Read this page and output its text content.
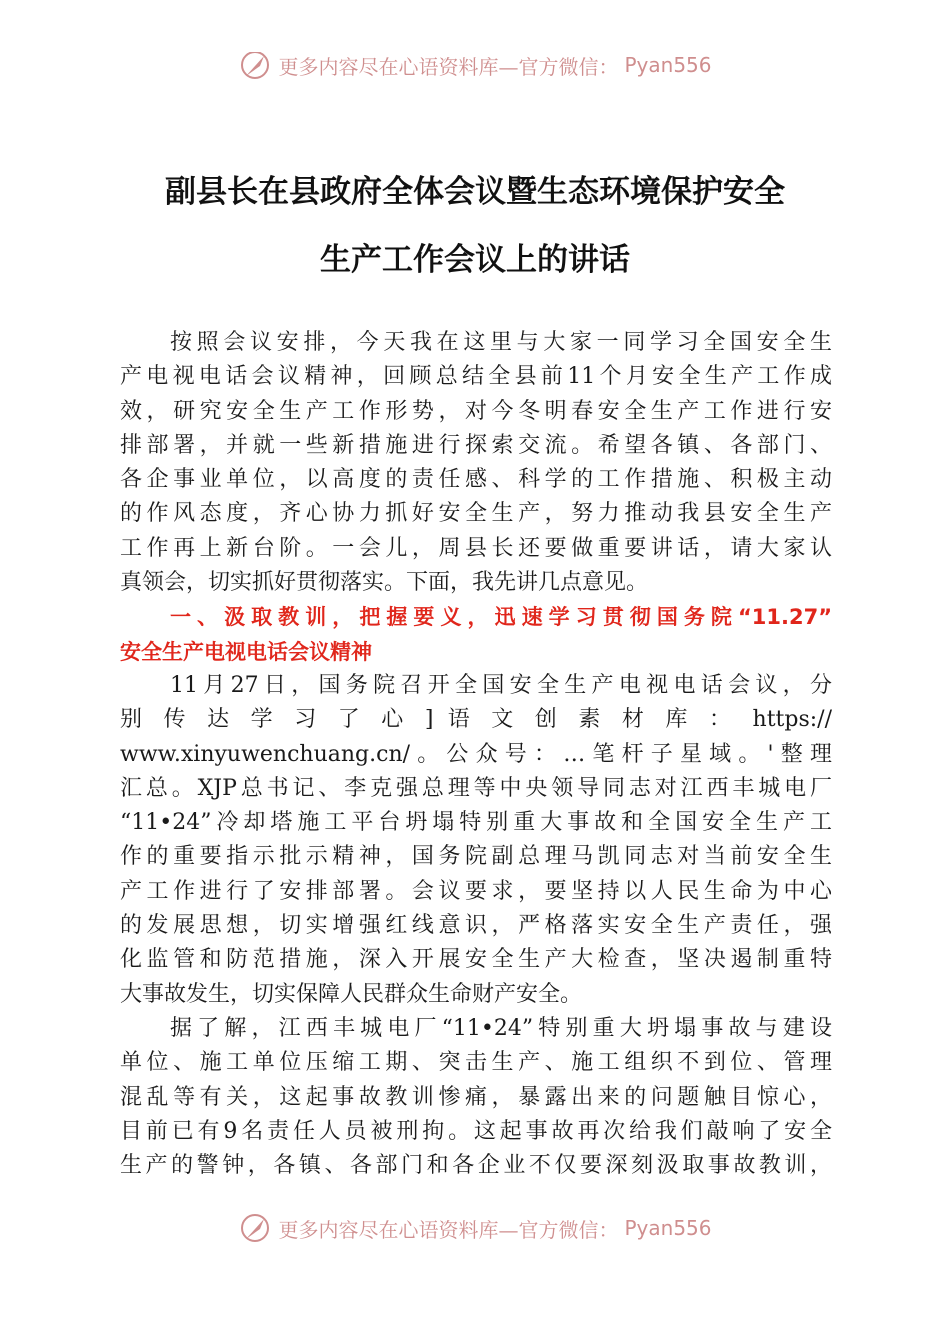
更多内容尽在心语资料库—官方微信： Pyan556
副县长在县政府全体会议暨生态环境保护安全
生产工作会议上的讲话
按照会议安排，今天我在这里与大家一同学习全国安全生
产电视电话会议精神，回顾总结全县前11个月安全生产工作成
效，研究安全生产工作形势，对今冬明春安全生产工作进行安
排部署，并就一些新措施进行探索交流。希望各镇、各部门、
各企事业单位，以高度的责任感、科学的工作措施、积极主动
的作风态度，齐心协力抓好安全生产，努力推动我县安全生产
工作再上新台阶。一会儿，周县长还要做重要讲话，请大家认
真领会，切实抓好贯彻落实。下面，我先讲几点意见。
一、汲取教训，把握要义，迅速学习贯彻国务院“11.27”
安全生产电视电话会议精神
11月27日，国务院召开全国安全生产电视电话会议，分
别 传 达 学 习 了 心 ] 语 文 创 素 材 库 ： https://
www.xinyuwenchuang.cn/。公众号：…笔杆子星域。'整理
汇总。XJP总书记、李克强总理等中央领导同志对江西丰城电厂
“11•24”冷却塔施工平台坍塌特别重大事故和全国安全生产工
作的重要指示批示精神，国务院副总理马凯同志对当前安全生
产工作进行了安排部署。会议要求，要坚持以人民生命为中心
的发展思想，切实增强红线意识，严格落实安全生产责任，强
化监管和防范措施，深入开展安全生产大检查，坚决遏制重特
大事故发生，切实保障人民群众生命财产安全。
据了解，江西丰城电厂“11•24”特别重大坍塌事故与建设
单位、施工单位压缩工期、突击生产、施工组织不到位、管理
混乱等有关，这起事故教训惨痛，暴露出来的问题触目惊心，
目前已有9名责任人员被刑拘。这起事故再次给我们敲响了安全
生产的警钟，各镇、各部门和各企业不仅要深刻汲取事故教训，
更多内容尽在心语资料库—官方微信： Pyan556
